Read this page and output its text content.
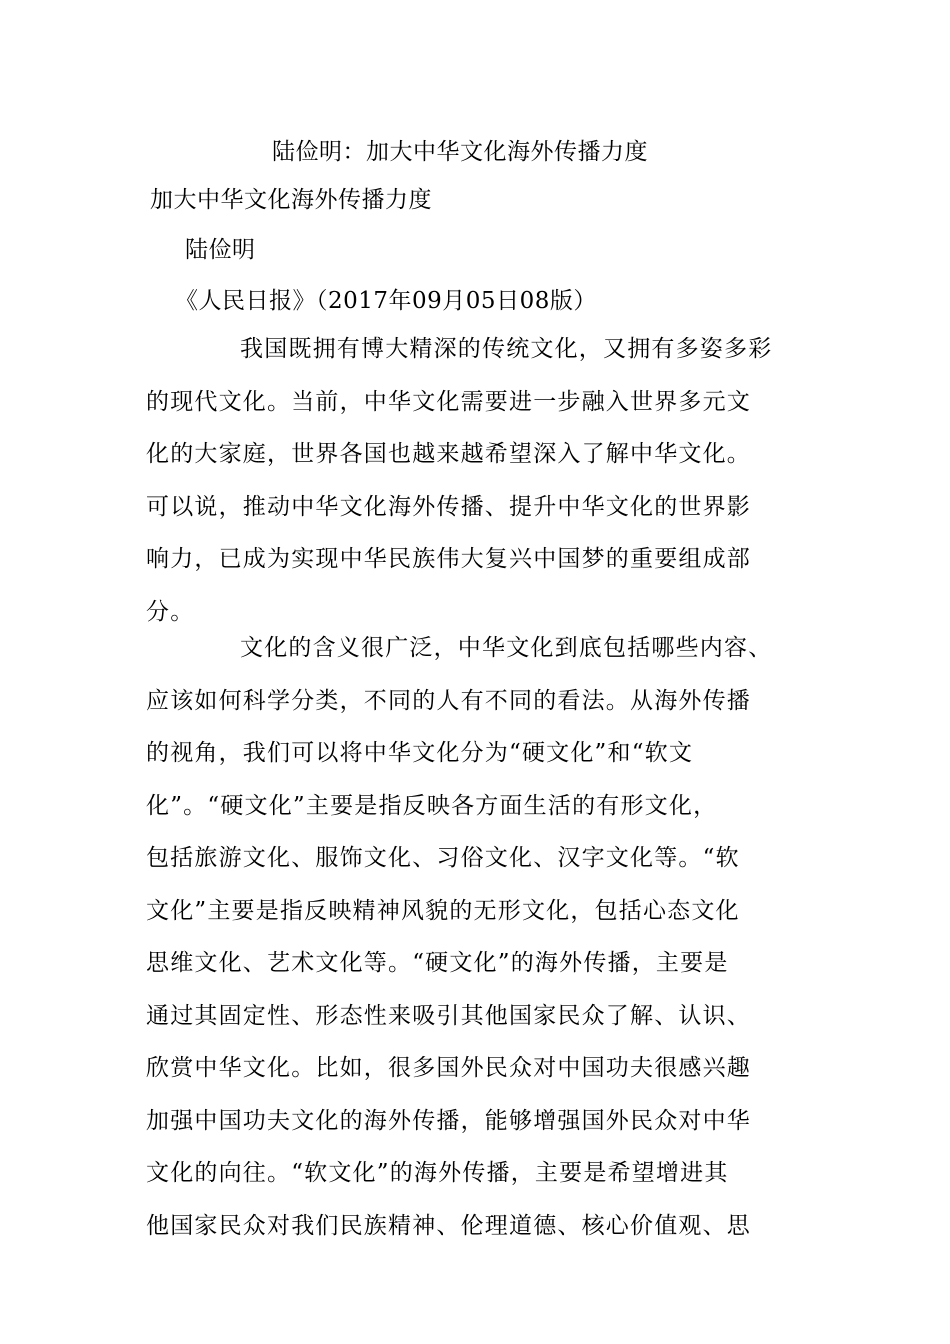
陆俭明：加大中华文化海外传播力度
加大中华文化海外传播力度
陆俭明
《人民日报》（2017年09月05日08版）
我国既拥有博大精深的传统文化，又拥有多姿多彩
的现代文化。当前，中华文化需要进一步融入世界多元文
化的大家庭，世界各国也越来越希望深入了解中华文化。
可以说，推动中华文化海外传播、提升中华文化的世界影
响力，已成为实现中华民族伟大复兴中国梦的重要组成部
分。
文化的含义很广泛，中华文化到底包括哪些内容、
应该如何科学分类，不同的人有不同的看法。从海外传播
的视角，我们可以将中华文化分为“硬文化”和“软文
化”。“硬文化”主要是指反映各方面生活的有形文化，
包括旅游文化、服饰文化、习俗文化、汉字文化等。“软
文化”主要是指反映精神风貌的无形文化，包括心态文化
思维文化、艺术文化等。“硬文化”的海外传播，主要是
通过其固定性、形态性来吸引其他国家民众了解、认识、
欣赏中华文化。比如，很多国外民众对中国功夫很感兴趣
加强中国功夫文化的海外传播，能够增强国外民众对中华
文化的向往。“软文化”的海外传播，主要是希望增进其
他国家民众对我们民族精神、伦理道德、核心价值观、思
